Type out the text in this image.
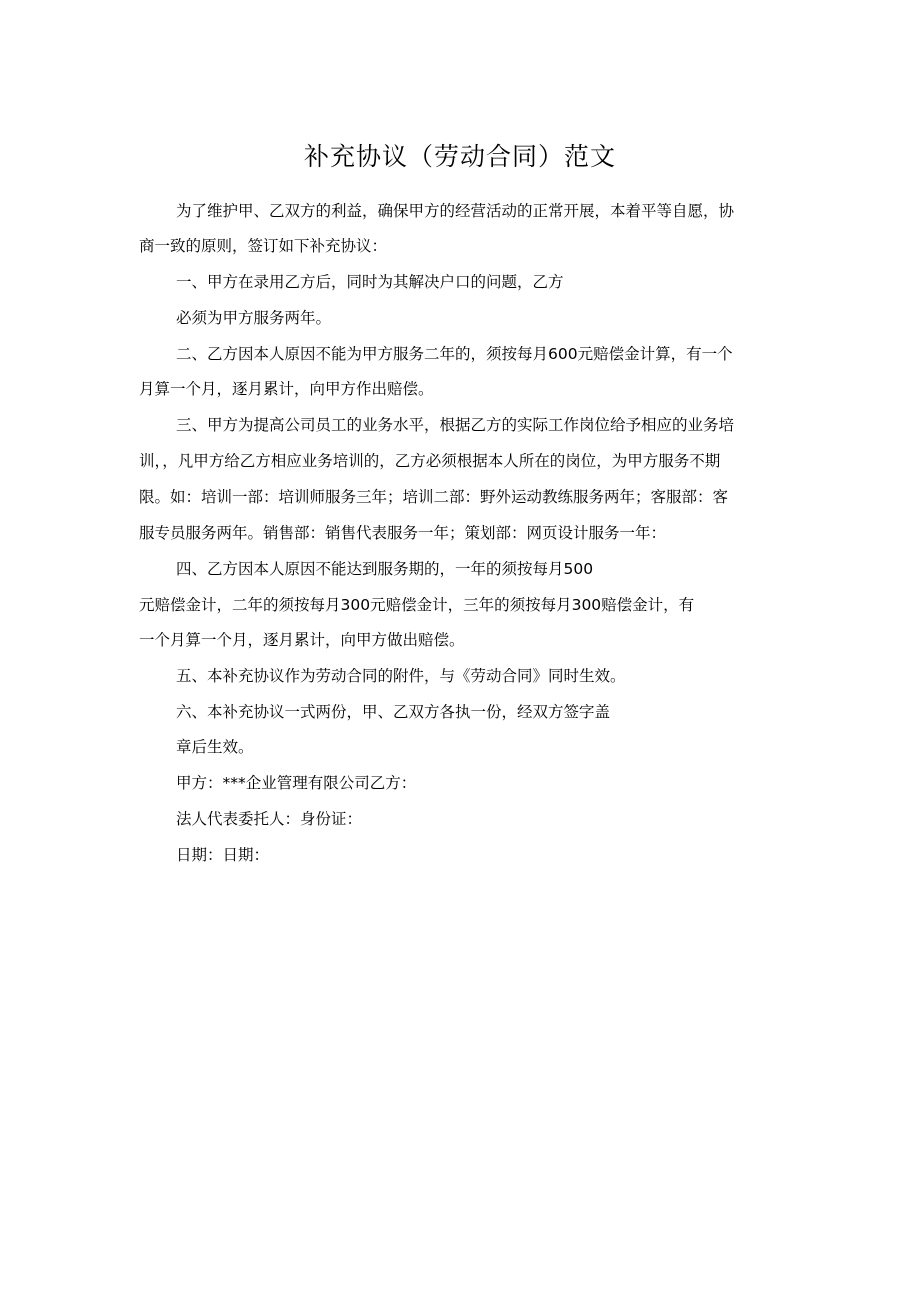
补充协议（劳动合同）范文
为了维护甲、乙双方的利益，确保甲方的经营活动的正常开展，本着平等自愿，协
商一致的原则，签订如下补充协议：
一、甲方在录用乙方后，同时为其解决户口的问题，乙方
必须为甲方服务两年。
二、乙方因本人原因不能为甲方服务二年的，须按每月600元赔偿金计算，有一个
月算一个月，逐月累计，向甲方作出赔偿。
三、甲方为提高公司员工的业务水平，根据乙方的实际工作岗位给予相应的业务培
训，，凡甲方给乙方相应业务培训的，乙方必须根据本人所在的岗位，为甲方服务不期
限。如：培训一部：培训师服务三年；培训二部：野外运动教练服务两年；客服部：客
服专员服务两年。销售部：销售代表服务一年；策划部：网页设计服务一年：
四、乙方因本人原因不能达到服务期的，一年的须按每月500
元赔偿金计，二年的须按每月300元赔偿金计，三年的须按每月300赔偿金计，有
一个月算一个月，逐月累计，向甲方做出赔偿。
五、本补充协议作为劳动合同的附件，与《劳动合同》同时生效。
六、本补充协议一式两份，甲、乙双方各执一份，经双方签字盖
章后生效。
甲方：***企业管理有限公司乙方：
法人代表委托人：身份证：
日期：日期：
